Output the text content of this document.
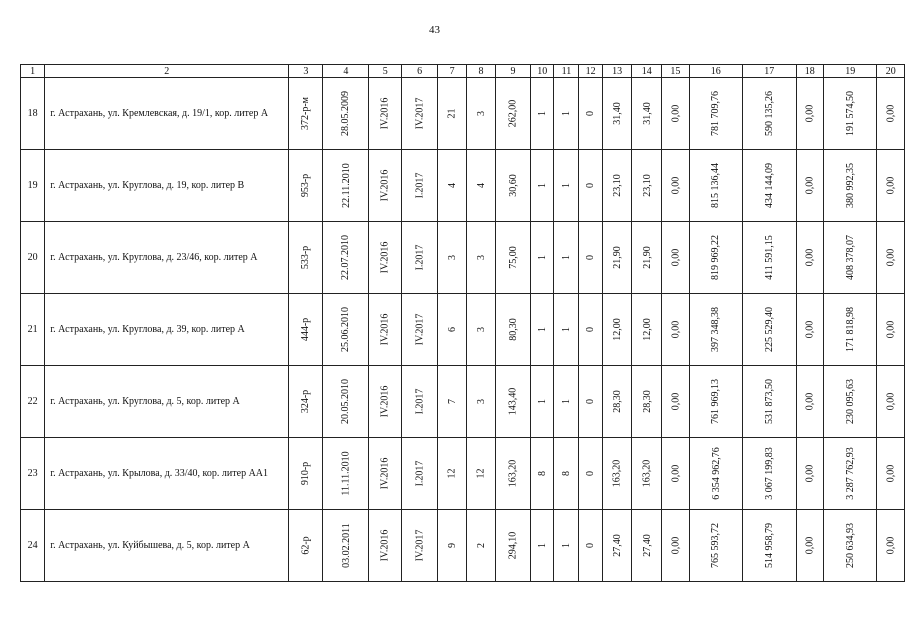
43
1	2	3	4	5	6	7	8	9	10	11	12	13	14	15	16	17	18	19	20
18	г. Астрахань, ул. Кремлевская, д. 19/1, кор. литер А	372-р-м	28.05.2009	IV.2016	IV.2017	21	3	262,00	1	1	0	31,40	31,40	0,00	781 709,76	590 135,26	0,00	191 574,50	0,00
19	г. Астрахань, ул. Круглова, д. 19, кор. литер В	953-р	22.11.2010	IV.2016	I.2017	4	4	30,60	1	1	0	23,10	23,10	0,00	815 136,44	434 144,09	0,00	380 992,35	0,00
20	г. Астрахань, ул. Круглова, д. 23/46, кор. литер А	533-р	22.07.2010	IV.2016	I.2017	3	3	75,00	1	1	0	21,90	21,90	0,00	819 969,22	411 591,15	0,00	408 378,07	0,00
21	г. Астрахань, ул. Круглова, д. 39, кор. литер А	444-р	25.06.2010	IV.2016	IV.2017	6	3	80,30	1	1	0	12,00	12,00	0,00	397 348,38	225 529,40	0,00	171 818,98	0,00
22	г. Астрахань, ул. Круглова, д. 5, кор. литер А	324-р	20.05.2010	IV.2016	I.2017	7	3	143,40	1	1	0	28,30	28,30	0,00	761 969,13	531 873,50	0,00	230 095,63	0,00
23	г. Астрахань, ул. Крылова, д. 33/40, кор. литер АА1	910-р	11.11.2010	IV.2016	I.2017	12	12	163,20	8	8	0	163,20	163,20	0,00	6 354 962,76	3 067 199,83	0,00	3 287 762,93	0,00
24	г. Астрахань, ул. Куйбышева, д. 5, кор. литер А	62-р	03.02.2011	IV.2016	IV.2017	9	2	294,10	1	1	0	27,40	27,40	0,00	765 593,72	514 958,79	0,00	250 634,93	0,00
